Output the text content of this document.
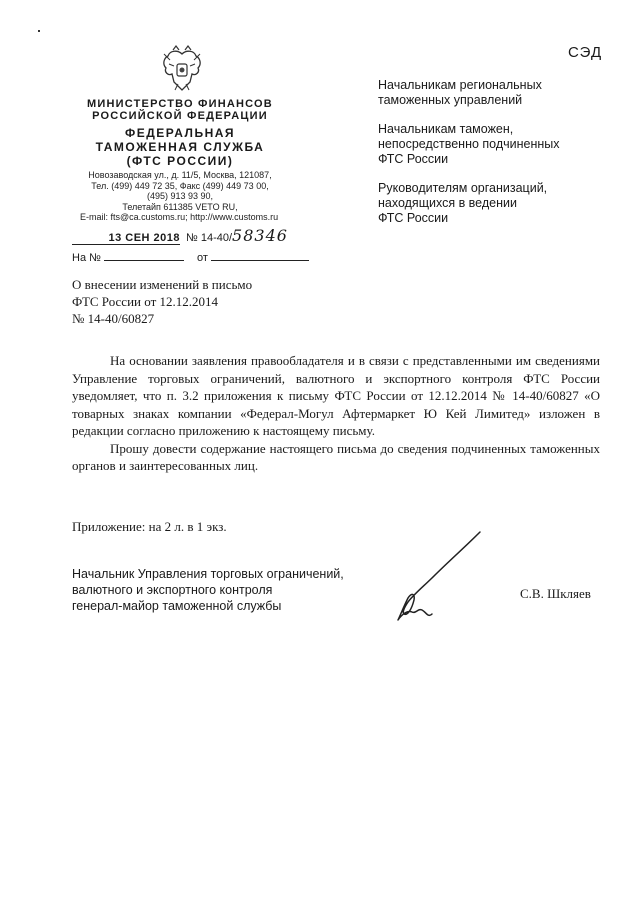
СЭД
МИНИСТЕРСТВО ФИНАНСОВ
РОССИЙСКОЙ ФЕДЕРАЦИИ
ФЕДЕРАЛЬНАЯ
ТАМОЖЕННАЯ СЛУЖБА
(ФТС РОССИИ)
Новозаводская ул., д. 11/5, Москва, 121087,
Тел. (499) 449 72 35, Факс (499) 449 73 00,
(495) 913 93 90,
Телетайп 611385 VETO RU,
E-mail: fts@ca.customs.ru; http://www.customs.ru
13 СЕН 2018 № 14-40/58346
На №	от
Начальникам региональных
таможенных управлений
Начальникам таможен,
непосредственно подчиненных
ФТС России
Руководителям организаций,
находящихся в ведении
ФТС России
О внесении изменений в письмо
ФТС России от 12.12.2014
№ 14-40/60827

На основании заявления правообладателя и в связи с представленными им сведениями Управление торговых ограничений, валютного и экспортного контроля ФТС России уведомляет, что п. 3.2 приложения к письму ФТС России от 12.12.2014 № 14-40/60827 «О товарных знаках компании «Федерал-Могул Афтермаркет Ю Кей Лимитед» изложен в редакции согласно приложению к настоящему письму.

Прошу довести содержание настоящего письма до сведения подчиненных таможенных органов и заинтересованных лиц.

Приложение: на 2 л. в 1 экз.
Начальник Управления торговых ограничений,
валютного и экспортного контроля
генерал-майор таможенной службы
С.В. Шкляев
